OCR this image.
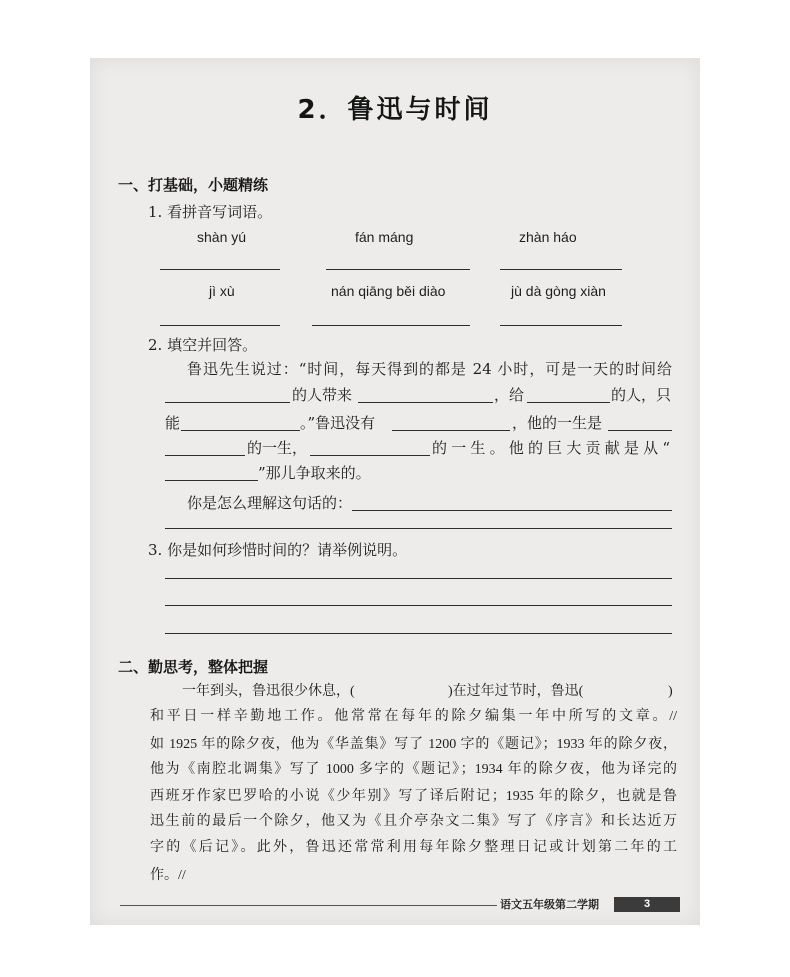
2．鲁迅与时间
一、打基础，小题精练
1. 看拼音写词语。
shàn yú	fán máng	zhàn háo
jì xù	nán qiāng běi diào	jù dà gòng xiàn
2. 填空并回答。
鲁迅先生说过：“时间，每天得到的都是 24 小时，可是一天的时间给
的人带来	，给	的人，只
能	。”鲁迅没有	，他的一生是
的一生，	的一生。他的巨大贡献是从“
”那儿争取来的。
你是怎么理解这句话的：
3. 你是如何珍惜时间的？请举例说明。
二、勤思考，整体把握
一年到头，鲁迅很少休息，(	)在过年过节时，鲁迅(	)
和平日一样辛勤地工作。他常常在每年的除夕编集一年中所写的文章。//
如 1925 年的除夕夜，他为《华盖集》写了 1200 字的《题记》；1933 年的除夕夜，
他为《南腔北调集》写了 1000 多字的《题记》；1934 年的除夕夜，他为译完的
西班牙作家巴罗哈的小说《少年别》写了译后附记；1935 年的除夕，也就是鲁
迅生前的最后一个除夕，他又为《且介亭杂文二集》写了《序言》和长达近万
字的《后记》。此外，鲁迅还常常利用每年除夕整理日记或计划第二年的工
作。//
语文五年级第二学期	3
